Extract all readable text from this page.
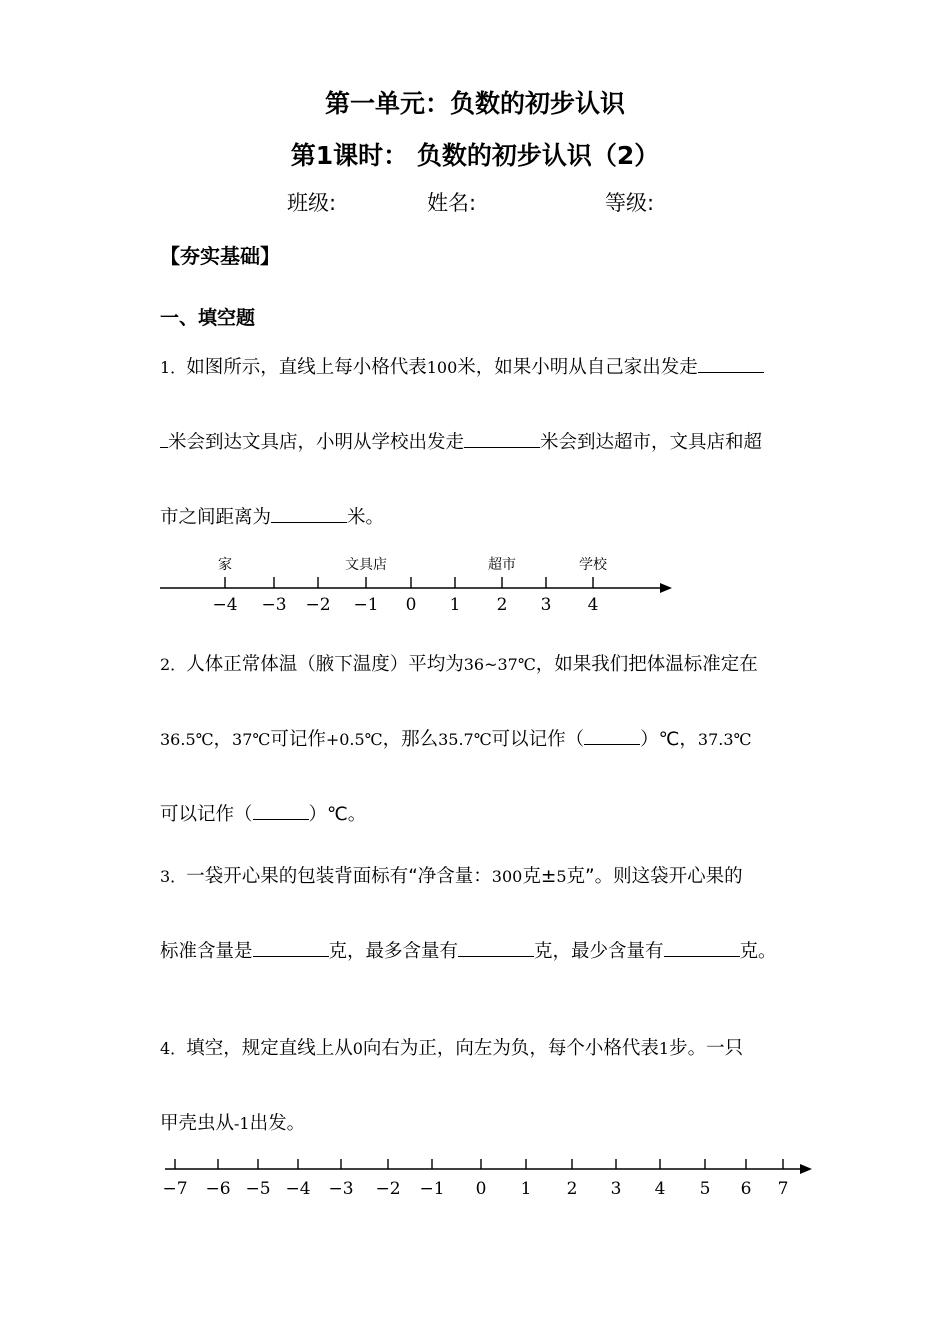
第一单元：负数的初步认识
第1课时： 负数的初步认识（2）
班级:	姓名:	等级:
【夯实基础】
一、填空题
1．如图所示，直线上每小格代表100米，如果小明从自己家出发走
米会到达文具店，小明从学校出发走	米会到达超市，文具店和超
市之间距离为	米。
−4 −3 −2 −1 0 1 2 3 4
家	文具店	超市	学校
2．人体正常体温（腋下温度）平均为36~37℃，如果我们把体温标准定在
36.5℃，37℃可记作+0.5℃，那么35.7℃可以记作（	）℃，37.3℃
可以记作（	）℃。
3．一袋开心果的包装背面标有“净含量：300克±5克”。则这袋开心果的
标准含量是	克，最多含量有	克，最少含量有	克。
4．填空，规定直线上从0向右为正，向左为负，每个小格代表1步。一只
甲壳虫从-1出发。
−7 −6 −5 −4 −3 −2 −1 0 1 2 3 4 5 6 7
